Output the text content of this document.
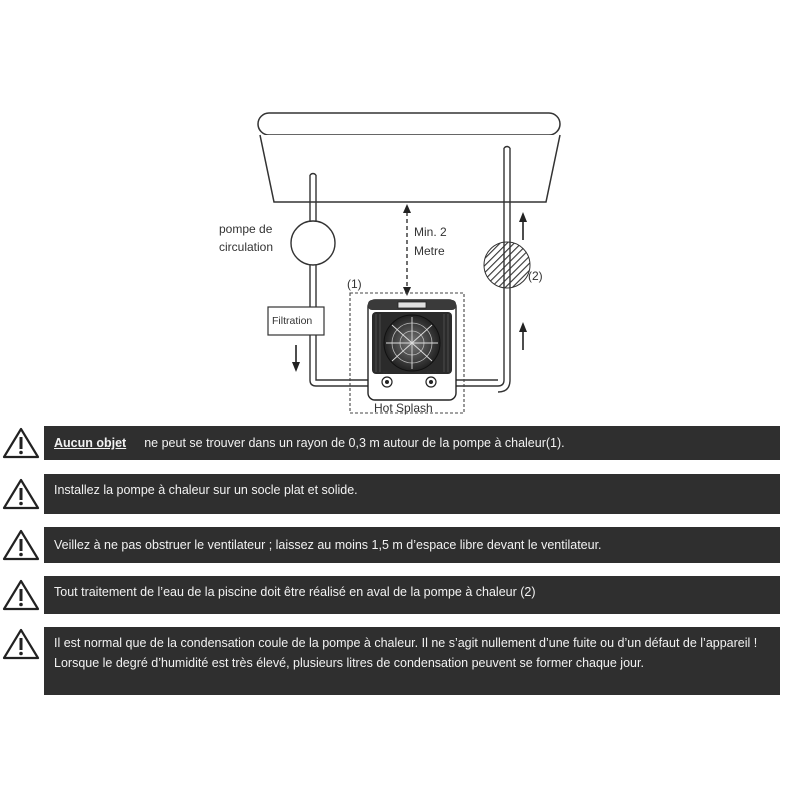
pompe de circulation
Filtration
(2)
Min. 2 Metre
(1)
IN	OUT
Hot Splash
Aucun objet ne peut se trouver dans un rayon de 0,3 m autour de la pompe à chaleur(1).
Installez la pompe à chaleur sur un socle plat et solide.
Veillez à ne pas obstruer le ventilateur ; laissez au moins 1,5 m d’espace libre devant le ventilateur.
Tout traitement de l’eau de la piscine doit être réalisé en aval de la pompe à chaleur (2)
Il est normal que de la condensation coule de la pompe à chaleur. Il ne s’agit nullement d’une fuite ou d’un défaut de l’appareil ! Lorsque le degré d’humidité est très élevé, plusieurs litres de condensation peuvent se former chaque jour.
